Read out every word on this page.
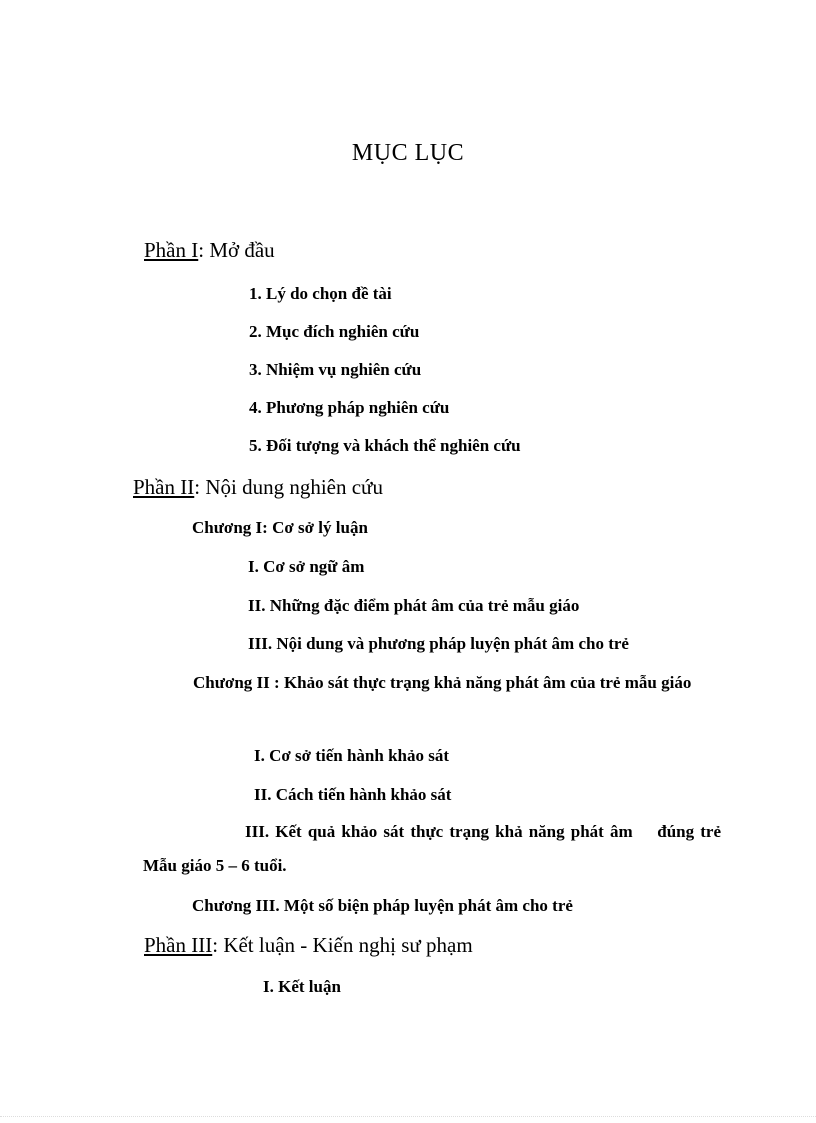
MỤC LỤC
Phần I: Mở đầu
1. Lý do chọn đề tài
2. Mục đích nghiên cứu
3. Nhiệm vụ nghiên cứu
4. Phương pháp nghiên cứu
5. Đối tượng và khách thể nghiên cứu
Phần II: Nội dung nghiên cứu
Chương I: Cơ sở lý luận
I. Cơ sở ngữ âm
II. Những đặc điểm phát âm của trẻ mẫu giáo
III. Nội dung và phương pháp luyện phát âm cho trẻ
Chương II : Khảo sát thực trạng khả năng phát âm của trẻ mẫu giáo
I. Cơ sở tiến hành khảo sát
II. Cách tiến hành khảo sát
III. Kết quả khảo sát thực trạng khả năng phát âm    đúng trẻ Mẫu giáo 5 – 6 tuổi.
Chương III. Một số biện pháp luyện phát âm cho trẻ
Phần III: Kết luận - Kiến nghị sư phạm
I. Kết luận
